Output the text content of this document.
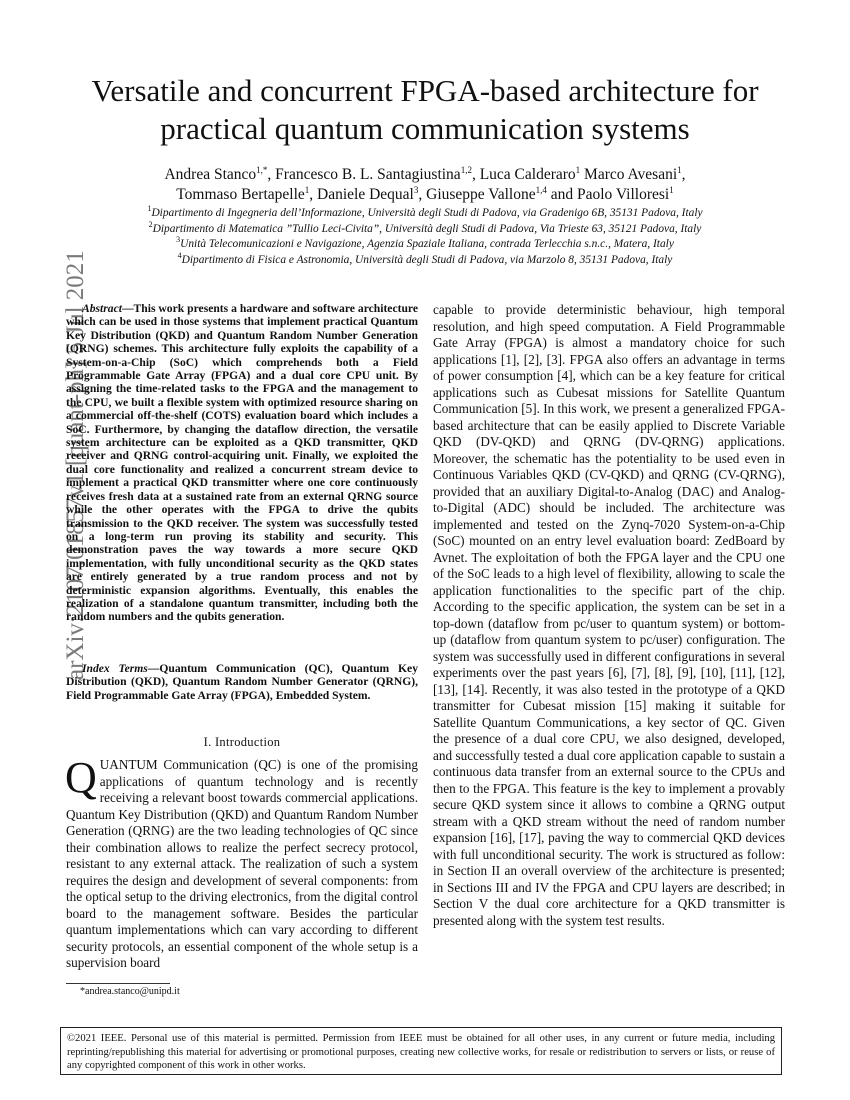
arXiv:2107.01857v1 [quant-ph] 5 Jul 2021
Versatile and concurrent FPGA-based architecture for practical quantum communication systems
Andrea Stanco$^{1,*}$, Francesco B. L. Santagiustina$^{1,2}$, Luca Calderaro$^1$ Marco Avesani$^1$,
Tommaso Bertapelle$^1$, Daniele Dequal$^3$, Giuseppe Vallone$^{1,4}$ and Paolo Villoresi$^1$
$^1$Dipartimento di Ingegneria dell’Informazione, Università degli Studi di Padova, via Gradenigo 6B, 35131 Padova, Italy
$^2$Dipartimento di Matematica ”Tullio Leci-Civita”, Università degli Studi di Padova, Via Trieste 63, 35121 Padova, Italy
$^3$Unità Telecomunicazioni e Navigazione, Agenzia Spaziale Italiana, contrada Terlecchia s.n.c., Matera, Italy
$^4$Dipartimento di Fisica e Astronomia, Università degli Studi di Padova, via Marzolo 8, 35131 Padova, Italy
Abstract—This work presents a hardware and software architecture which can be used in those systems that implement practical Quantum Key Distribution (QKD) and Quantum Random Number Generation (QRNG) schemes. This architecture fully exploits the capability of a System-on-a-Chip (SoC) which comprehends both a Field Programmable Gate Array (FPGA) and a dual core CPU unit. By assigning the time-related tasks to the FPGA and the management to the CPU, we built a flexible system with optimized resource sharing on a commercial off-the-shelf (COTS) evaluation board which includes a SoC. Furthermore, by changing the dataflow direction, the versatile system architecture can be exploited as a QKD transmitter, QKD receiver and QRNG control-acquiring unit. Finally, we exploited the dual core functionality and realized a concurrent stream device to implement a practical QKD transmitter where one core continuously receives fresh data at a sustained rate from an external QRNG source while the other operates with the FPGA to drive the qubits transmission to the QKD receiver. The system was successfully tested on a long-term run proving its stability and security. This demonstration paves the way towards a more secure QKD implementation, with fully unconditional security as the QKD states are entirely generated by a true random process and not by deterministic expansion algorithms. Eventually, this enables the realization of a standalone quantum transmitter, including both the random numbers and the qubits generation.
Index Terms—Quantum Communication (QC), Quantum Key Distribution (QKD), Quantum Random Number Generator (QRNG), Field Programmable Gate Array (FPGA), Embedded System.
I. Introduction
QUANTUM Communication (QC) is one of the promising applications of quantum technology and is recently receiving a relevant boost towards commercial applications. Quantum Key Distribution (QKD) and Quantum Random Number Generation (QRNG) are the two leading technologies of QC since their combination allows to realize the perfect secrecy protocol, resistant to any external attack. The realization of such a system requires the design and development of several components: from the optical setup to the driving electronics, from the digital control board to the management software. Besides the particular quantum implementations which can vary according to different security protocols, an essential component of the whole setup is a supervision board
capable to provide deterministic behaviour, high temporal resolution, and high speed computation. A Field Programmable Gate Array (FPGA) is almost a mandatory choice for such applications [1], [2], [3]. FPGA also offers an advantage in terms of power consumption [4], which can be a key feature for critical applications such as Cubesat missions for Satellite Quantum Communication [5]. In this work, we present a generalized FPGA-based architecture that can be easily applied to Discrete Variable QKD (DV-QKD) and QRNG (DV-QRNG) applications. Moreover, the schematic has the potentiality to be used even in Continuous Variables QKD (CV-QKD) and QRNG (CV-QRNG), provided that an auxiliary Digital-to-Analog (DAC) and Analog-to-Digital (ADC) should be included. The architecture was implemented and tested on the Zynq-7020 System-on-a-Chip (SoC) mounted on an entry level evaluation board: ZedBoard by Avnet. The exploitation of both the FPGA layer and the CPU one of the SoC leads to a high level of flexibility, allowing to scale the application functionalities to the specific part of the chip. According to the specific application, the system can be set in a top-down (dataflow from pc/user to quantum system) or bottom-up (dataflow from quantum system to pc/user) configuration. The system was successfully used in different configurations in several experiments over the past years [6], [7], [8], [9], [10], [11], [12], [13], [14]. Recently, it was also tested in the prototype of a QKD transmitter for Cubesat mission [15] making it suitable for Satellite Quantum Communications, a key sector of QC. Given the presence of a dual core CPU, we also designed, developed, and successfully tested a dual core application capable to sustain a continuous data transfer from an external source to the CPUs and then to the FPGA. This feature is the key to implement a provably secure QKD system since it allows to combine a QRNG output stream with a QKD stream without the need of random number expansion [16], [17], paving the way to commercial QKD devices with full unconditional security. The work is structured as follow: in Section II an overall overview of the architecture is presented; in Sections III and IV the FPGA and CPU layers are described; in Section V the dual core architecture for a QKD transmitter is presented along with the system test results.
*andrea.stanco@unipd.it
©2021 IEEE. Personal use of this material is permitted. Permission from IEEE must be obtained for all other uses, in any current or future media, including reprinting/republishing this material for advertising or promotional purposes, creating new collective works, for resale or redistribution to servers or lists, or reuse of any copyrighted component of this work in other works.
